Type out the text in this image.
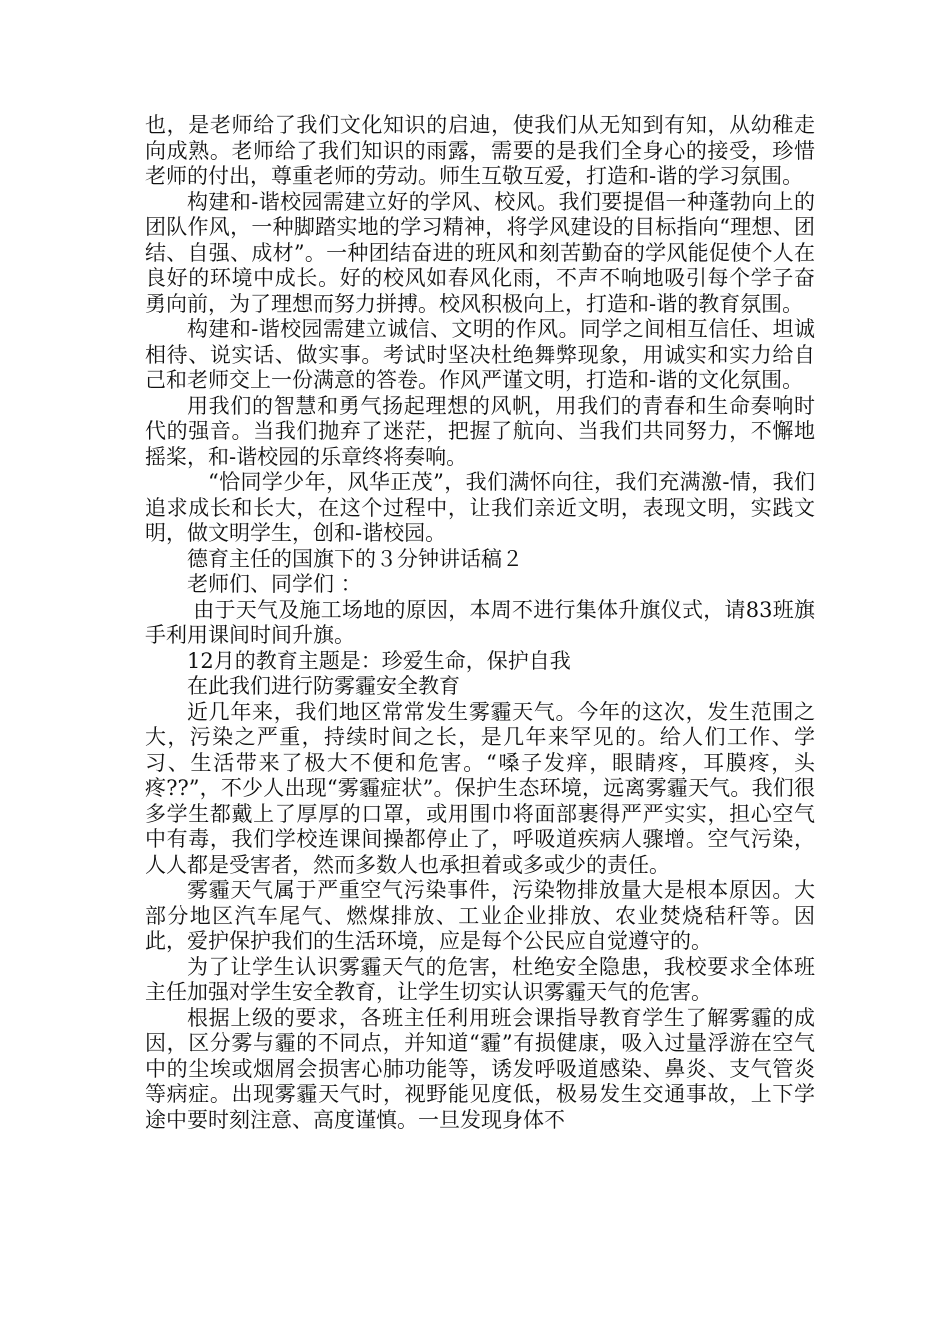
也，是老师给了我们文化知识的启迪，使我们从无知到有知，从幼稚走向成熟。老师给了我们知识的雨露，需要的是我们全身心的接受，珍惜老师的付出，尊重老师的劳动。师生互敬互爱，打造和-谐的学习氛围。

构建和-谐校园需建立好的学风、校风。我们要提倡一种蓬勃向上的团队作风，一种脚踏实地的学习精神，将学风建设的目标指向“理想、团结、自强、成材”。一种团结奋进的班风和刻苦勤奋的学风能促使个人在良好的环境中成长。好的校风如春风化雨，不声不响地吸引每个学子奋勇向前，为了理想而努力拼搏。校风积极向上，打造和-谐的教育氛围。

构建和-谐校园需建立诚信、文明的作风。同学之间相互信任、坦诚相待、说实话、做实事。考试时坚决杜绝舞弊现象，用诚实和实力给自己和老师交上一份满意的答卷。作风严谨文明，打造和-谐的文化氛围。

用我们的智慧和勇气扬起理想的风帆，用我们的青春和生命奏响时代的强音。当我们抛弃了迷茫，把握了航向、当我们共同努力，不懈地摇桨，和-谐校园的乐章终将奏响。

“恰同学少年，风华正茂”，我们满怀向往，我们充满激-情，我们追求成长和长大，在这个过程中，让我们亲近文明，表现文明，实践文明，做文明学生，创和-谐校园。

德育主任的国旗下的３分钟讲话稿２

老师们、同学们 ：

由于天气及施工场地的原因，本周不进行集体升旗仪式，请83班旗手利用课间时间升旗。

12月的教育主题是：珍爱生命，保护自我

在此我们进行防雾霾安全教育

近几年来，我们地区常常发生雾霾天气。今年的这次，发生范围之大，污染之严重，持续时间之长，是几年来罕见的。给人们工作、学习、生活带来了极大不便和危害。“嗓子发痒，眼睛疼，耳膜疼，头疼??”，不少人出现“雾霾症状”。保护生态环境，远离雾霾天气。我们很多学生都戴上了厚厚的口罩，或用围巾将面部裹得严严实实，担心空气中有毒，我们学校连课间操都停止了，呼吸道疾病人骤增。空气污染，人人都是受害者，然而多数人也承担着或多或少的责任。

雾霾天气属于严重空气污染事件，污染物排放量大是根本原因。大部分地区汽车尾气、燃煤排放、工业企业排放、农业焚烧秸秆等。因此，爱护保护我们的生活环境，应是每个公民应自觉遵守的。

为了让学生认识雾霾天气的危害，杜绝安全隐患，我校要求全体班主任加强对学生安全教育，让学生切实认识雾霾天气的危害。

根据上级的要求，各班主任利用班会课指导教育学生了解雾霾的成因，区分雾与霾的不同点，并知道“霾”有损健康，吸入过量浮游在空气中的尘埃或烟屑会损害心肺功能等，诱发呼吸道感染、鼻炎、支气管炎等病症。出现雾霾天气时，视野能见度低，极易发生交通事故，上下学途中要时刻注意、高度谨慎。一旦发现身体不
